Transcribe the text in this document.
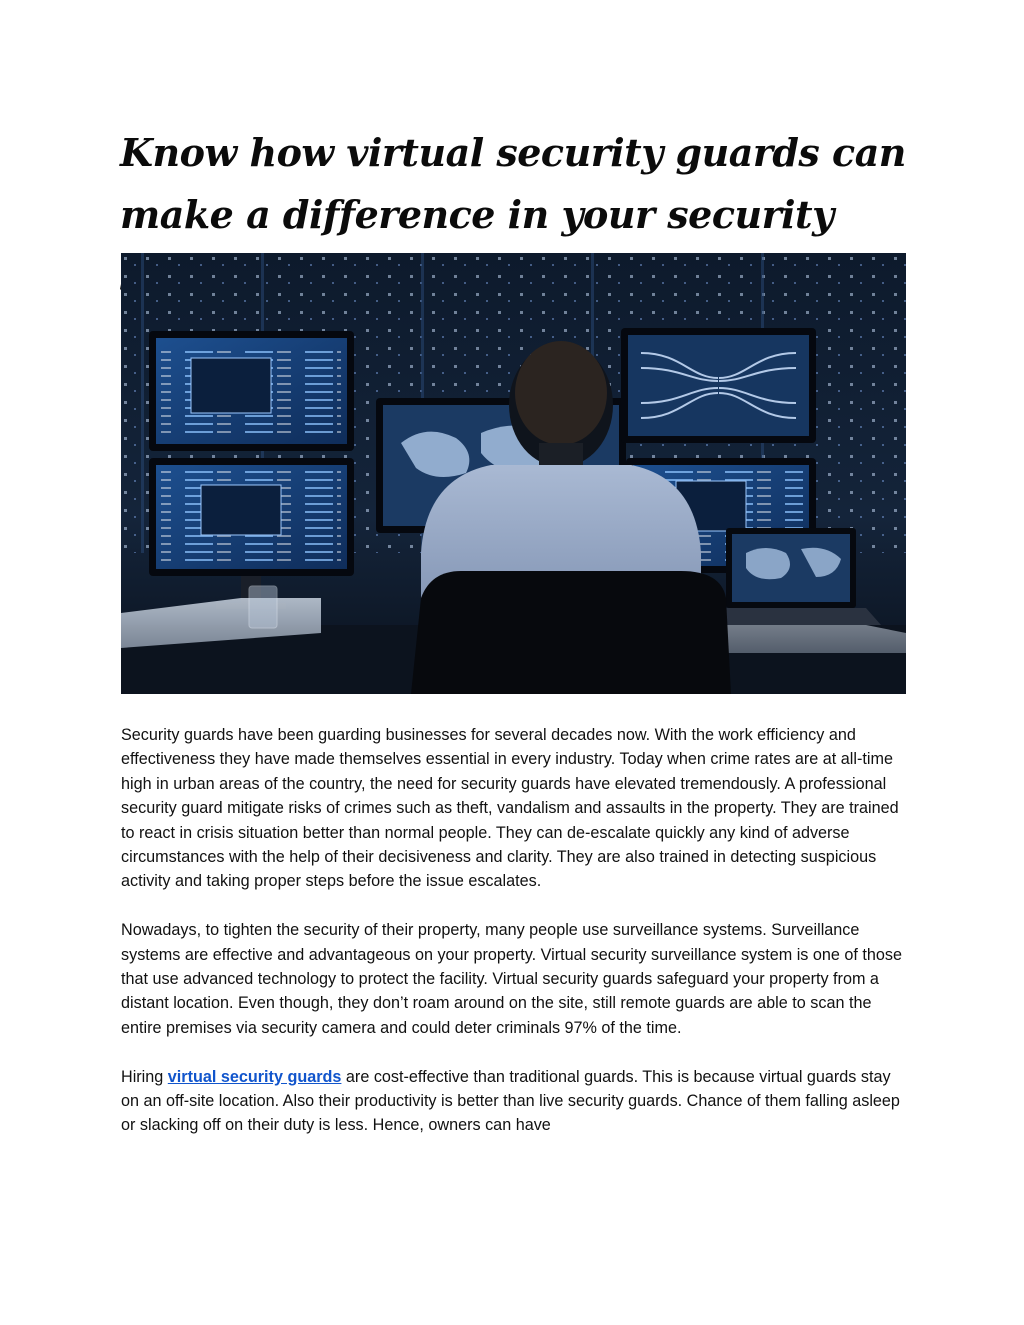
Know how virtual security guards can make a difference in your security

Security guards have been guarding businesses for several decades now. With the work efficiency and effectiveness they have made themselves essential in every industry. Today when crime rates are at all-time high in urban areas of the country, the need for security guards have elevated tremendously. A professional security guard mitigate risks of crimes such as theft, vandalism and assaults in the property. They are trained to react in crisis situation better than normal people. They can de-escalate quickly any kind of adverse circumstances with the help of their decisiveness and clarity. They are also trained in detecting suspicious activity and taking proper steps before the issue escalates.

Nowadays, to tighten the security of their property, many people use surveillance systems. Surveillance systems are effective and advantageous on your property. Virtual security surveillance system is one of those that use advanced technology to protect the facility. Virtual security guards safeguard your property from a distant location. Even though, they don’t roam around on the site, still remote guards are able to scan the entire premises via security camera and could deter criminals 97% of the time.

Hiring virtual security guards are cost-effective than traditional guards. This is because virtual guards stay on an off-site location. Also their productivity is better than live security guards. Chance of them falling asleep or slacking off on their duty is less. Hence, owners can have
